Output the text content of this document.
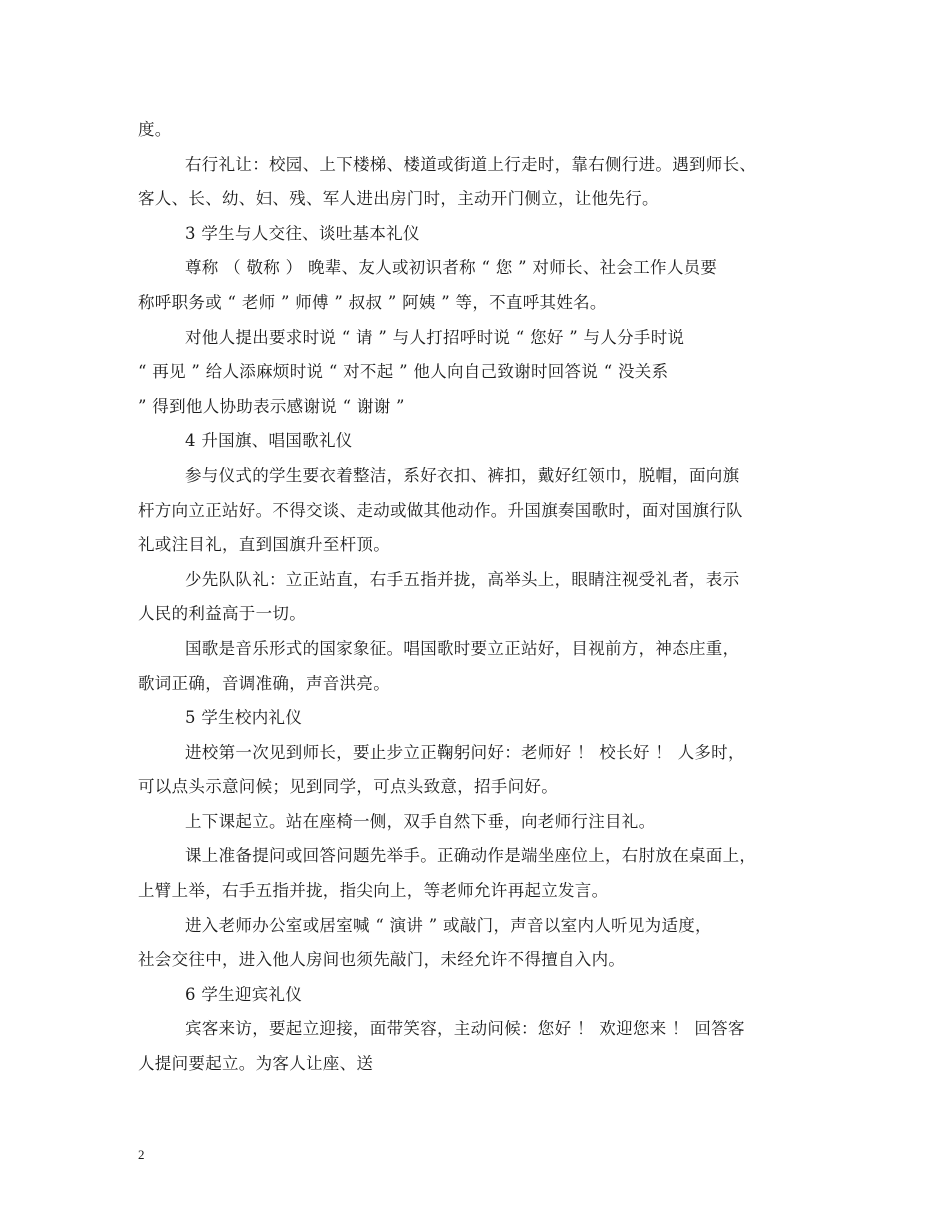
度。
右行礼让：校园、上下楼梯、楼道或街道上行走时，靠右侧行进。遇到师长、
客人、长、幼、妇、残、军人进出房门时，主动开门侧立，让他先行。
3 学生与人交往、谈吐基本礼仪
尊称 （ 敬称 ） 晚辈、友人或初识者称 “ 您 ” 对师长、社会工作人员要
称呼职务或 “ 老师 ” 师傅 ” 叔叔 ” 阿姨 ” 等，不直呼其姓名。
对他人提出要求时说 “ 请 ” 与人打招呼时说 “ 您好 ” 与人分手时说
“ 再见 ” 给人添麻烦时说 “ 对不起 ” 他人向自己致谢时回答说 “ 没关系
” 得到他人协助表示感谢说 “ 谢谢 ”
4 升国旗、唱国歌礼仪
参与仪式的学生要衣着整洁，系好衣扣、裤扣，戴好红领巾，脱帽，面向旗
杆方向立正站好。不得交谈、走动或做其他动作。升国旗奏国歌时，面对国旗行队
礼或注目礼，直到国旗升至杆顶。
少先队队礼：立正站直，右手五指并拢，高举头上，眼睛注视受礼者，表示
人民的利益高于一切。
国歌是音乐形式的国家象征。唱国歌时要立正站好，目视前方，神态庄重，
歌词正确，音调准确，声音洪亮。
5 学生校内礼仪
进校第一次见到师长，要止步立正鞠躬问好：老师好 ！ 校长好 ！ 人多时，
可以点头示意问候；见到同学，可点头致意，招手问好。
上下课起立。站在座椅一侧，双手自然下垂，向老师行注目礼。
课上准备提问或回答问题先举手。正确动作是端坐座位上，右肘放在桌面上，
上臂上举，右手五指并拢，指尖向上，等老师允许再起立发言。
进入老师办公室或居室喊 “ 演讲 ” 或敲门，声音以室内人听见为适度，
社会交往中，进入他人房间也须先敲门，未经允许不得擅自入内。
6 学生迎宾礼仪
宾客来访，要起立迎接，面带笑容，主动问候：您好 ！ 欢迎您来 ！ 回答客
人提问要起立。为客人让座、送
2
